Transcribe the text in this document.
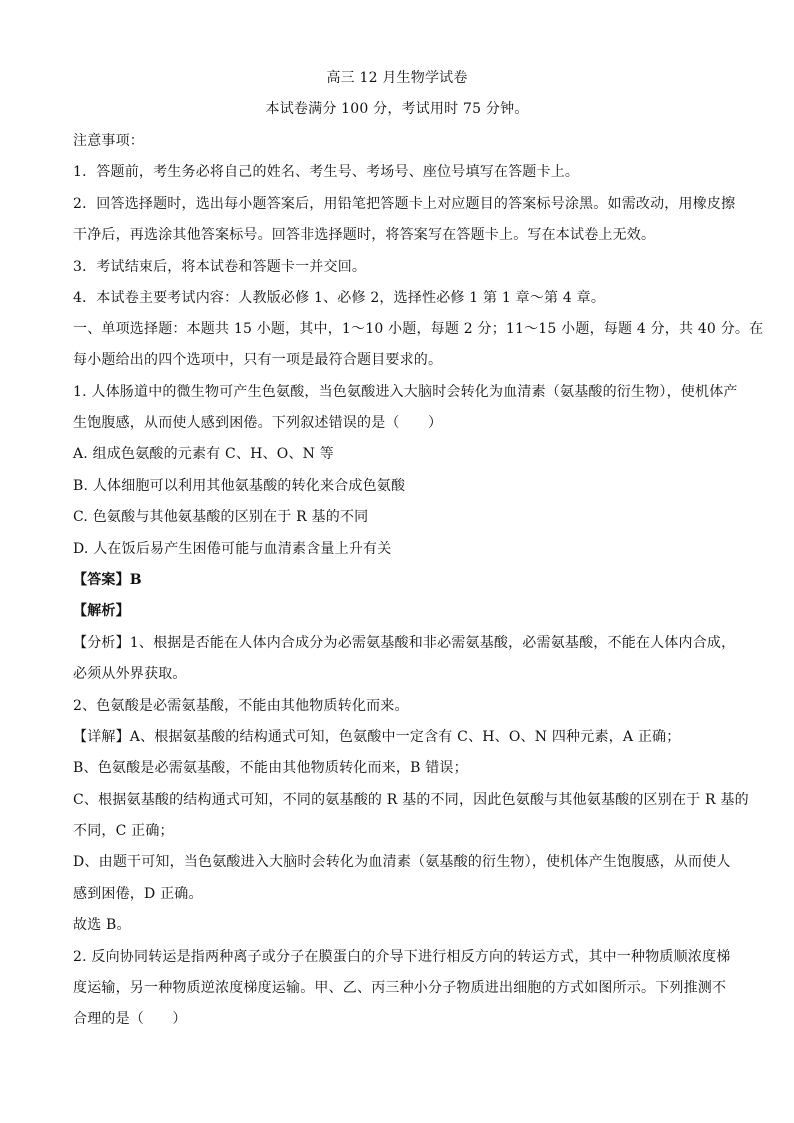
高三 12 月生物学试卷
本试卷满分 100 分，考试用时 75 分钟。
注意事项：
1．答题前，考生务必将自己的姓名、考生号、考场号、座位号填写在答题卡上。
2．回答选择题时，选出每小题答案后，用铅笔把答题卡上对应题目的答案标号涂黑。如需改动，用橡皮擦
干净后，再选涂其他答案标号。回答非选择题时，将答案写在答题卡上。写在本试卷上无效。
3．考试结束后，将本试卷和答题卡一并交回。
4．本试卷主要考试内容：人教版必修 1、必修 2，选择性必修 1 第 1 章～第 4 章。
一、单项选择题：本题共 15 小题，其中，1～10 小题，每题 2 分；11～15 小题，每题 4 分，共 40 分。在
每小题给出的四个选项中，只有一项是最符合题目要求的。
1. 人体肠道中的微生物可产生色氨酸，当色氨酸进入大脑时会转化为血清素（氨基酸的衍生物），使机体产
生饱腹感，从而使人感到困倦。下列叙述错误的是（　　）
A. 组成色氨酸的元素有 C、H、O、N 等
B. 人体细胞可以利用其他氨基酸的转化来合成色氨酸
C. 色氨酸与其他氨基酸的区别在于 R 基的不同
D. 人在饭后易产生困倦可能与血清素含量上升有关
【答案】B
【解析】
【分析】1、根据是否能在人体内合成分为必需氨基酸和非必需氨基酸，必需氨基酸，不能在人体内合成，
必须从外界获取。
2、色氨酸是必需氨基酸，不能由其他物质转化而来。
【详解】A、根据氨基酸的结构通式可知，色氨酸中一定含有 C、H、O、N 四种元素，A 正确；
B、色氨酸是必需氨基酸，不能由其他物质转化而来，B 错误；
C、根据氨基酸的结构通式可知，不同的氨基酸的 R 基的不同，因此色氨酸与其他氨基酸的区别在于 R 基的
不同，C 正确；
D、由题干可知，当色氨酸进入大脑时会转化为血清素（氨基酸的衍生物），使机体产生饱腹感，从而使人
感到困倦，D 正确。
故选 B。
2. 反向协同转运是指两种离子或分子在膜蛋白的介导下进行相反方向的转运方式，其中一种物质顺浓度梯
度运输，另一种物质逆浓度梯度运输。甲、乙、丙三种小分子物质进出细胞的方式如图所示。下列推测不
合理的是（　　）
